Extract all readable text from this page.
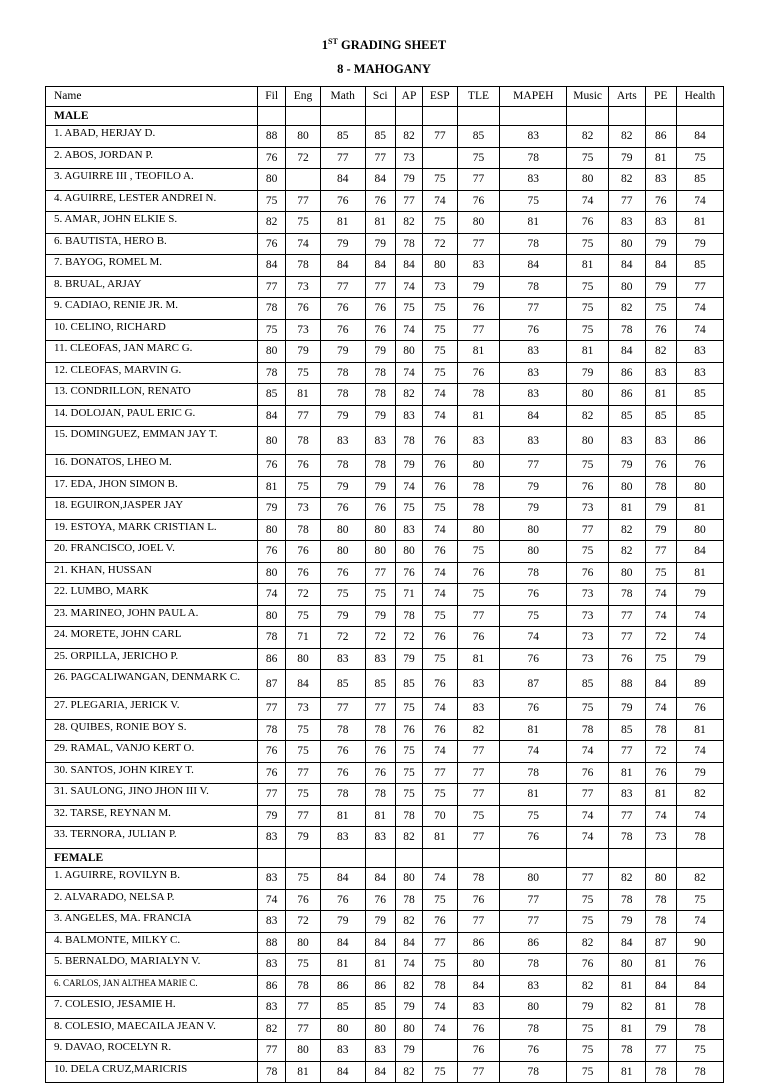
1ST GRADING SHEET
8 - MAHOGANY
Name	Fil	Eng	Math	Sci	AP	ESP	TLE	MAPEH	Music	Arts	PE	Health
MALE												
1. ABAD, HERJAY D.	88	80	85	85	82	77	85	83	82	82	86	84
2. ABOS, JORDAN P.	76	72	77	77	73		75	78	75	79	81	75
3. AGUIRRE III , TEOFILO A.	80		84	84	79	75	77	83	80	82	83	85
4. AGUIRRE, LESTER ANDREI N.	75	77	76	76	77	74	76	75	74	77	76	74
5. AMAR, JOHN ELKIE S.	82	75	81	81	82	75	80	81	76	83	83	81
6. BAUTISTA, HERO B.	76	74	79	79	78	72	77	78	75	80	79	79
7. BAYOG, ROMEL M.	84	78	84	84	84	80	83	84	81	84	84	85
8. BRUAL, ARJAY	77	73	77	77	74	73	79	78	75	80	79	77
9. CADIAO, RENIE JR. M.	78	76	76	76	75	75	76	77	75	82	75	74
10. CELINO, RICHARD	75	73	76	76	74	75	77	76	75	78	76	74
11. CLEOFAS, JAN MARC G.	80	79	79	79	80	75	81	83	81	84	82	83
12. CLEOFAS, MARVIN G.	78	75	78	78	74	75	76	83	79	86	83	83
13. CONDRILLON, RENATO	85	81	78	78	82	74	78	83	80	86	81	85
14. DOLOJAN, PAUL ERIC G.	84	77	79	79	83	74	81	84	82	85	85	85
15. DOMINGUEZ, EMMAN JAY T.	80	78	83	83	78	76	83	83	80	83	83	86
16. DONATOS, LHEO M.	76	76	78	78	79	76	80	77	75	79	76	76
17. EDA, JHON SIMON B.	81	75	79	79	74	76	78	79	76	80	78	80
18. EGUIRON,JASPER JAY	79	73	76	76	75	75	78	79	73	81	79	81
19. ESTOYA, MARK CRISTIAN L.	80	78	80	80	83	74	80	80	77	82	79	80
20. FRANCISCO, JOEL V.	76	76	80	80	80	76	75	80	75	82	77	84
21. KHAN, HUSSAN	80	76	76	77	76	74	76	78	76	80	75	81
22. LUMBO, MARK	74	72	75	75	71	74	75	76	73	78	74	79
23. MARINEO, JOHN PAUL A.	80	75	79	79	78	75	77	75	73	77	74	74
24. MORETE, JOHN CARL	78	71	72	72	72	76	76	74	73	77	72	74
25. ORPILLA, JERICHO P.	86	80	83	83	79	75	81	76	73	76	75	79
26. PAGCALIWANGAN, DENMARK C.	87	84	85	85	85	76	83	87	85	88	84	89
27. PLEGARIA, JERICK V.	77	73	77	77	75	74	83	76	75	79	74	76
28. QUIBES, RONIE BOY S.	78	75	78	78	76	76	82	81	78	85	78	81
29. RAMAL, VANJO KERT O.	76	75	76	76	75	74	77	74	74	77	72	74
30. SANTOS, JOHN KIREY T.	76	77	76	76	75	77	77	78	76	81	76	79
31. SAULONG, JINO JHON III V.	77	75	78	78	75	75	77	81	77	83	81	82
32. TARSE, REYNAN M.	79	77	81	81	78	70	75	75	74	77	74	74
33. TERNORA, JULIAN P.	83	79	83	83	82	81	77	76	74	78	73	78
FEMALE												
1. AGUIRRE, ROVILYN B.	83	75	84	84	80	74	78	80	77	82	80	82
2. ALVARADO, NELSA P.	74	76	76	76	78	75	76	77	75	78	78	75
3. ANGELES, MA. FRANCIA	83	72	79	79	82	76	77	77	75	79	78	74
4. BALMONTE, MILKY C.	88	80	84	84	84	77	86	86	82	84	87	90
5. BERNALDO, MARIALYN V.	83	75	81	81	74	75	80	78	76	80	81	76
6. CARLOS, JAN ALTHEA MARIE C.	86	78	86	86	82	78	84	83	82	81	84	84
7. COLESIO, JESAMIE H.	83	77	85	85	79	74	83	80	79	82	81	78
8. COLESIO, MAECAILA JEAN V.	82	77	80	80	80	74	76	78	75	81	79	78
9. DAVAO, ROCELYN R.	77	80	83	83	79		76	76	75	78	77	75
10. DELA CRUZ,MARICRIS	78	81	84	84	82	75	77	78	75	81	78	78
